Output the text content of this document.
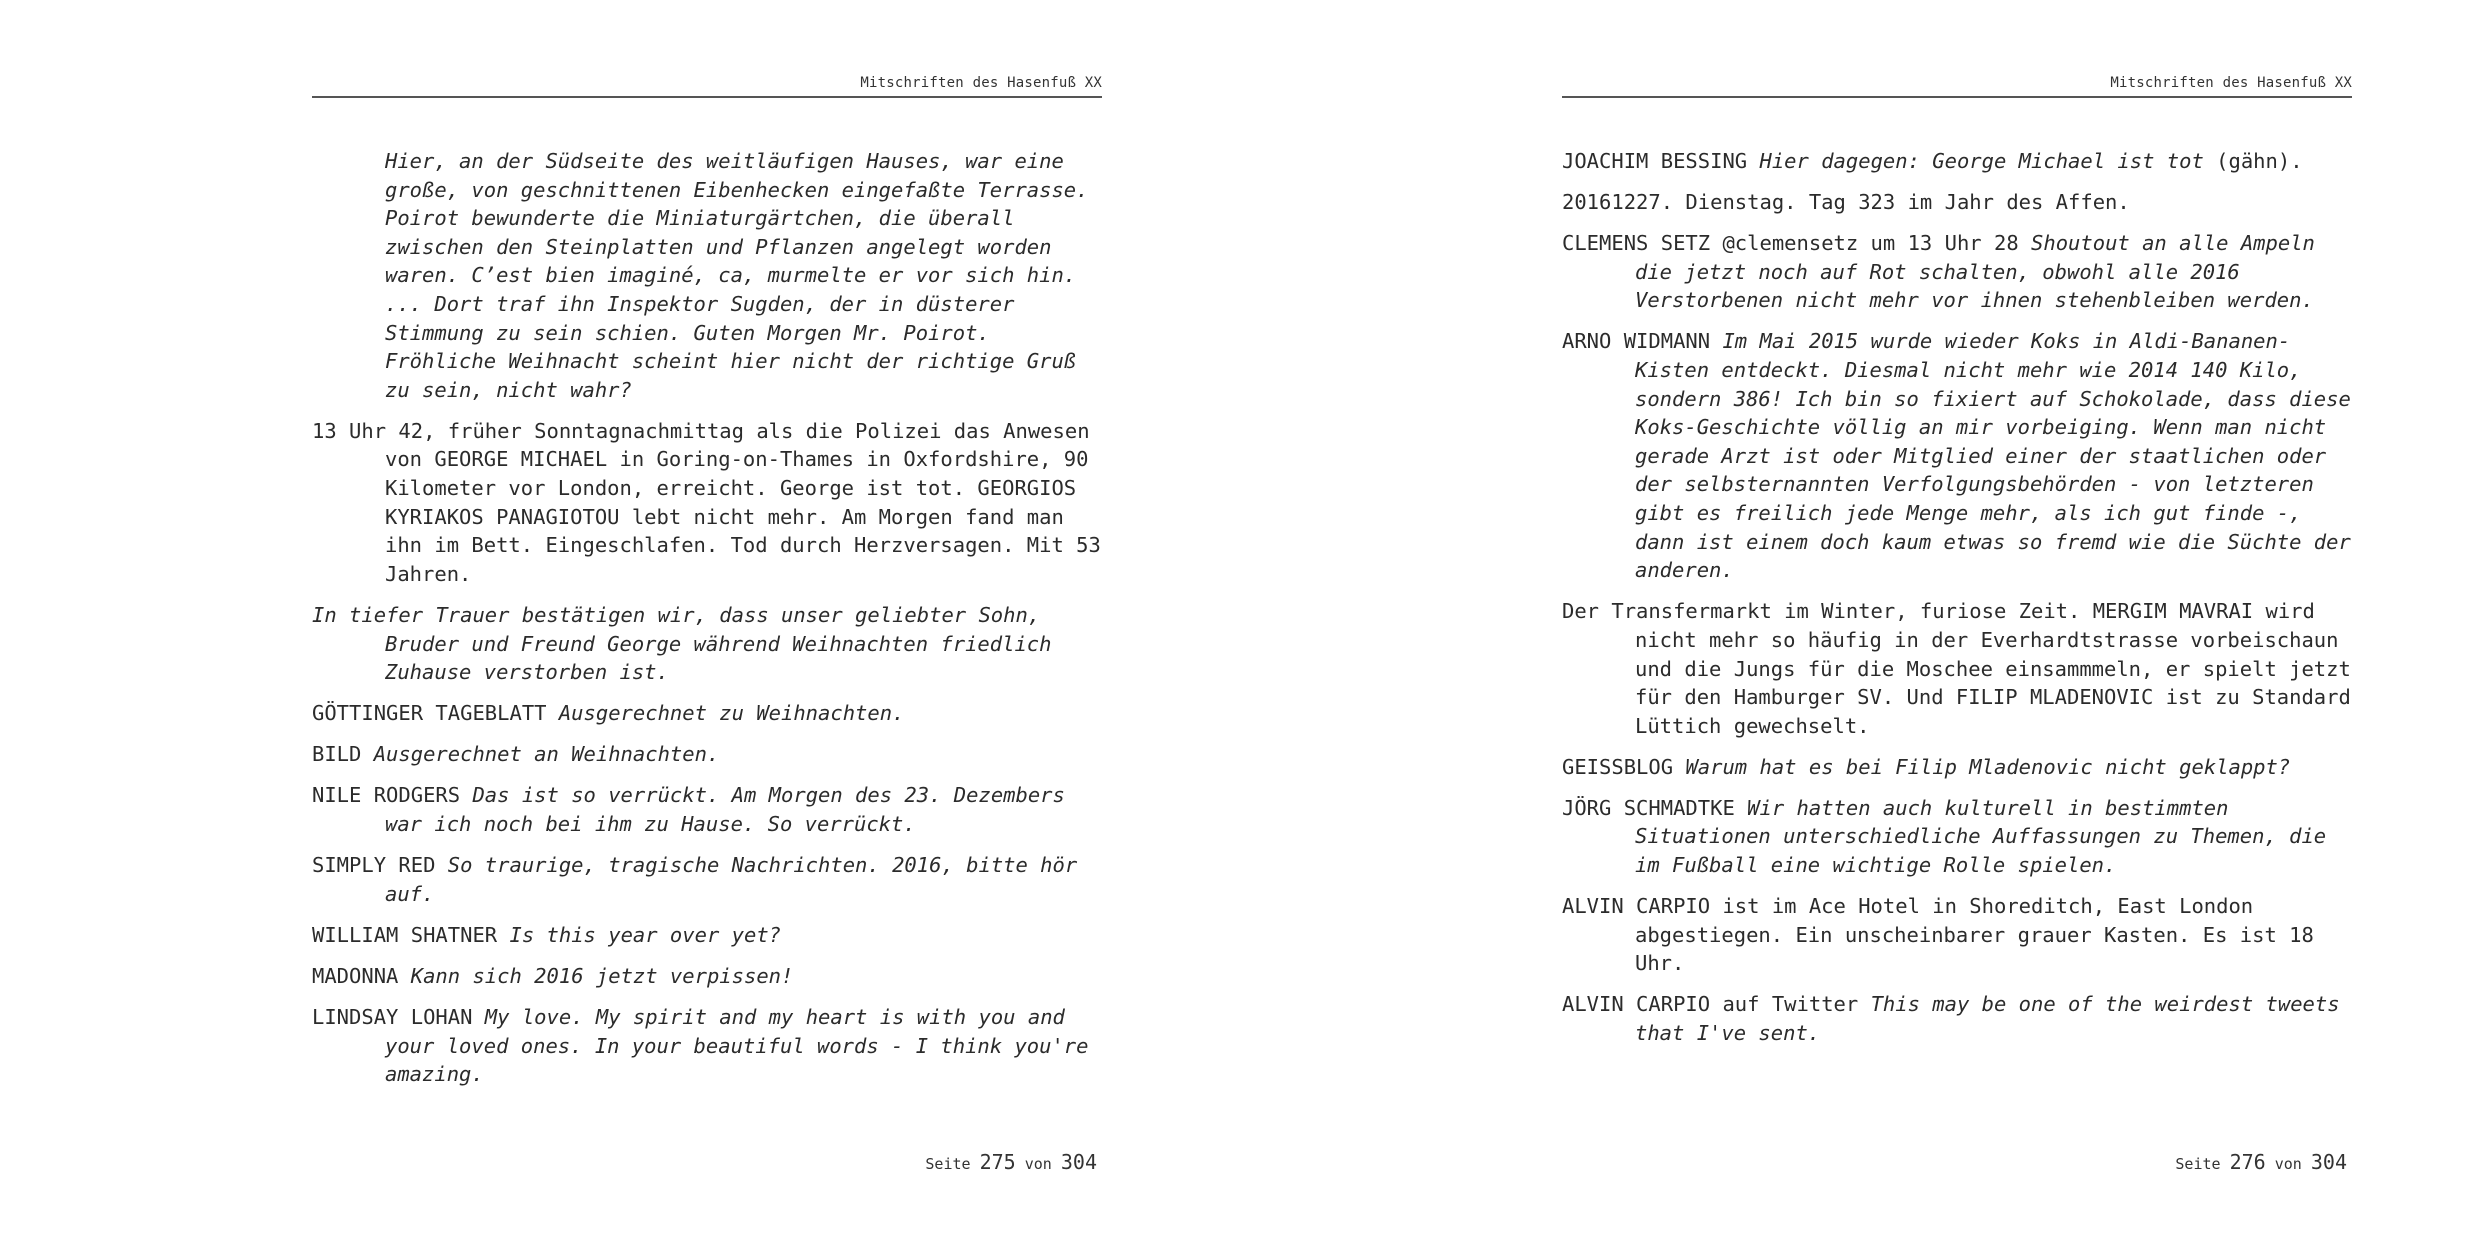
Mitschriften des Hasenfuß XX

Hier, an der Südseite des weitläufigen Hauses, war eine große, von geschnittenen Eibenhecken eingefaßte Terrasse. Poirot bewunderte die Miniaturgärtchen, die überall zwischen den Steinplatten und Pflanzen angelegt worden waren. C’est bien imaginé, ca, murmelte er vor sich hin. ... Dort traf ihn Inspektor Sugden, der in düsterer Stimmung zu sein schien. Guten Morgen Mr. Poirot. Fröhliche Weihnacht scheint hier nicht der richtige Gruß zu sein, nicht wahr?

13 Uhr 42, früher Sonntagnachmittag als die Polizei das Anwesen von GEORGE MICHAEL in Goring-on-Thames in Oxfordshire, 90 Kilometer vor London, erreicht. George ist tot. GEORGIOS KYRIAKOS PANAGIOTOU lebt nicht mehr. Am Morgen fand man ihn im Bett. Eingeschlafen. Tod durch Herzversagen. Mit 53 Jahren.

In tiefer Trauer bestätigen wir, dass unser geliebter Sohn, Bruder und Freund George während Weihnachten friedlich Zuhause verstorben ist.

GÖTTINGER TAGEBLATT Ausgerechnet zu Weihnachten.

BILD Ausgerechnet an Weihnachten.

NILE RODGERS Das ist so verrückt. Am Morgen des 23. Dezembers war ich noch bei ihm zu Hause. So verrückt.

SIMPLY RED So traurige, tragische Nachrichten. 2016, bitte hör auf.

WILLIAM SHATNER Is this year over yet?

MADONNA Kann sich 2016 jetzt verpissen!

LINDSAY LOHAN My love. My spirit and my heart is with you and your loved ones. In your beautiful words - I think you're amazing.

Seite 275 von 304
Mitschriften des Hasenfuß XX

JOACHIM BESSING Hier dagegen: George Michael ist tot (gähn).

20161227. Dienstag. Tag 323 im Jahr des Affen.

CLEMENS SETZ @clemensetz um 13 Uhr 28 Shoutout an alle Ampeln die jetzt noch auf Rot schalten, obwohl alle 2016 Verstorbenen nicht mehr vor ihnen stehenbleiben werden.

ARNO WIDMANN Im Mai 2015 wurde wieder Koks in Aldi-Bananen-Kisten entdeckt. Diesmal nicht mehr wie 2014 140 Kilo, sondern 386! Ich bin so fixiert auf Schokolade, dass diese Koks-Geschichte völlig an mir vorbeiging. Wenn man nicht gerade Arzt ist oder Mitglied einer der staatlichen oder der selbsternannten Verfolgungsbehörden - von letzteren gibt es freilich jede Menge mehr, als ich gut finde -, dann ist einem doch kaum etwas so fremd wie die Süchte der anderen.

Der Transfermarkt im Winter, furiose Zeit. MERGIM MAVRAI wird nicht mehr so häufig in der Everhardtstrasse vorbeischaun und die Jungs für die Moschee einsammmeln, er spielt jetzt für den Hamburger SV. Und FILIP MLADENOVIC ist zu Standard Lüttich gewechselt.

GEISSBLOG Warum hat es bei Filip Mladenovic nicht geklappt?

JÖRG SCHMADTKE Wir hatten auch kulturell in bestimmten Situationen unterschiedliche Auffassungen zu Themen, die im Fußball eine wichtige Rolle spielen.

ALVIN CARPIO ist im Ace Hotel in Shoreditch, East London abgestiegen. Ein unscheinbarer grauer Kasten. Es ist 18 Uhr.

ALVIN CARPIO auf Twitter This may be one of the weirdest tweets that I've sent.

Seite 276 von 304
